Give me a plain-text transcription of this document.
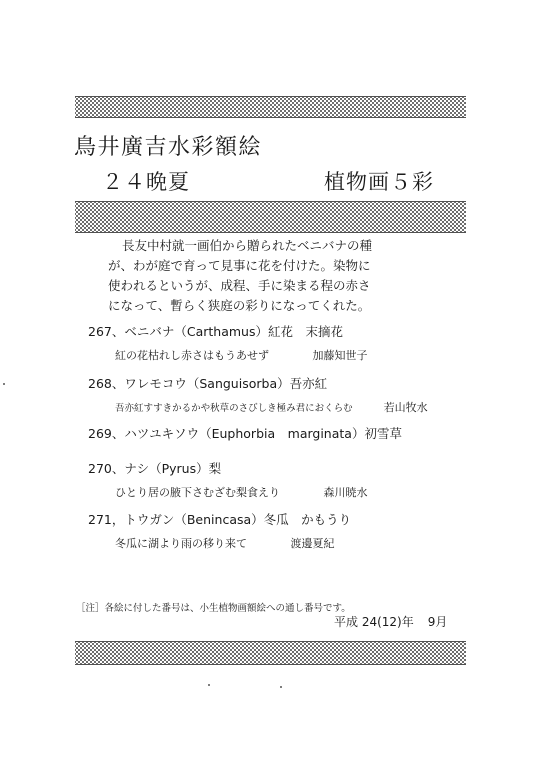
鳥井廣吉水彩額絵
２４晩夏	植物画５彩
長友中村就一画伯から贈られたベニバナの種
が、わが庭で育って見事に花を付けた。染物に
使われるというが、成程、手に染まる程の赤さ
になって、暫らく狭庭の彩りになってくれた。
267、ベニバナ（Carthamus）紅花　末摘花
紅の花枯れし赤さはもうあせず	加藤知世子
268、ワレモコウ（Sanguisorba）吾亦紅
吾亦紅すすきかるかや秋草のさびしき極み君におくらむ	若山牧水
269、ハツユキソウ（Euphorbia　marginata）初雪草
270、ナシ（Pyrus）梨
ひとり居の腋下さむざむ梨食えり	森川暁水
271，トウガン（Benincasa）冬瓜　かもうり
冬瓜に湖より雨の移り来て	渡邊夏紀
［注］各絵に付した番号は、小生植物画額絵への通し番号です。
平成 24(12)年 9月
